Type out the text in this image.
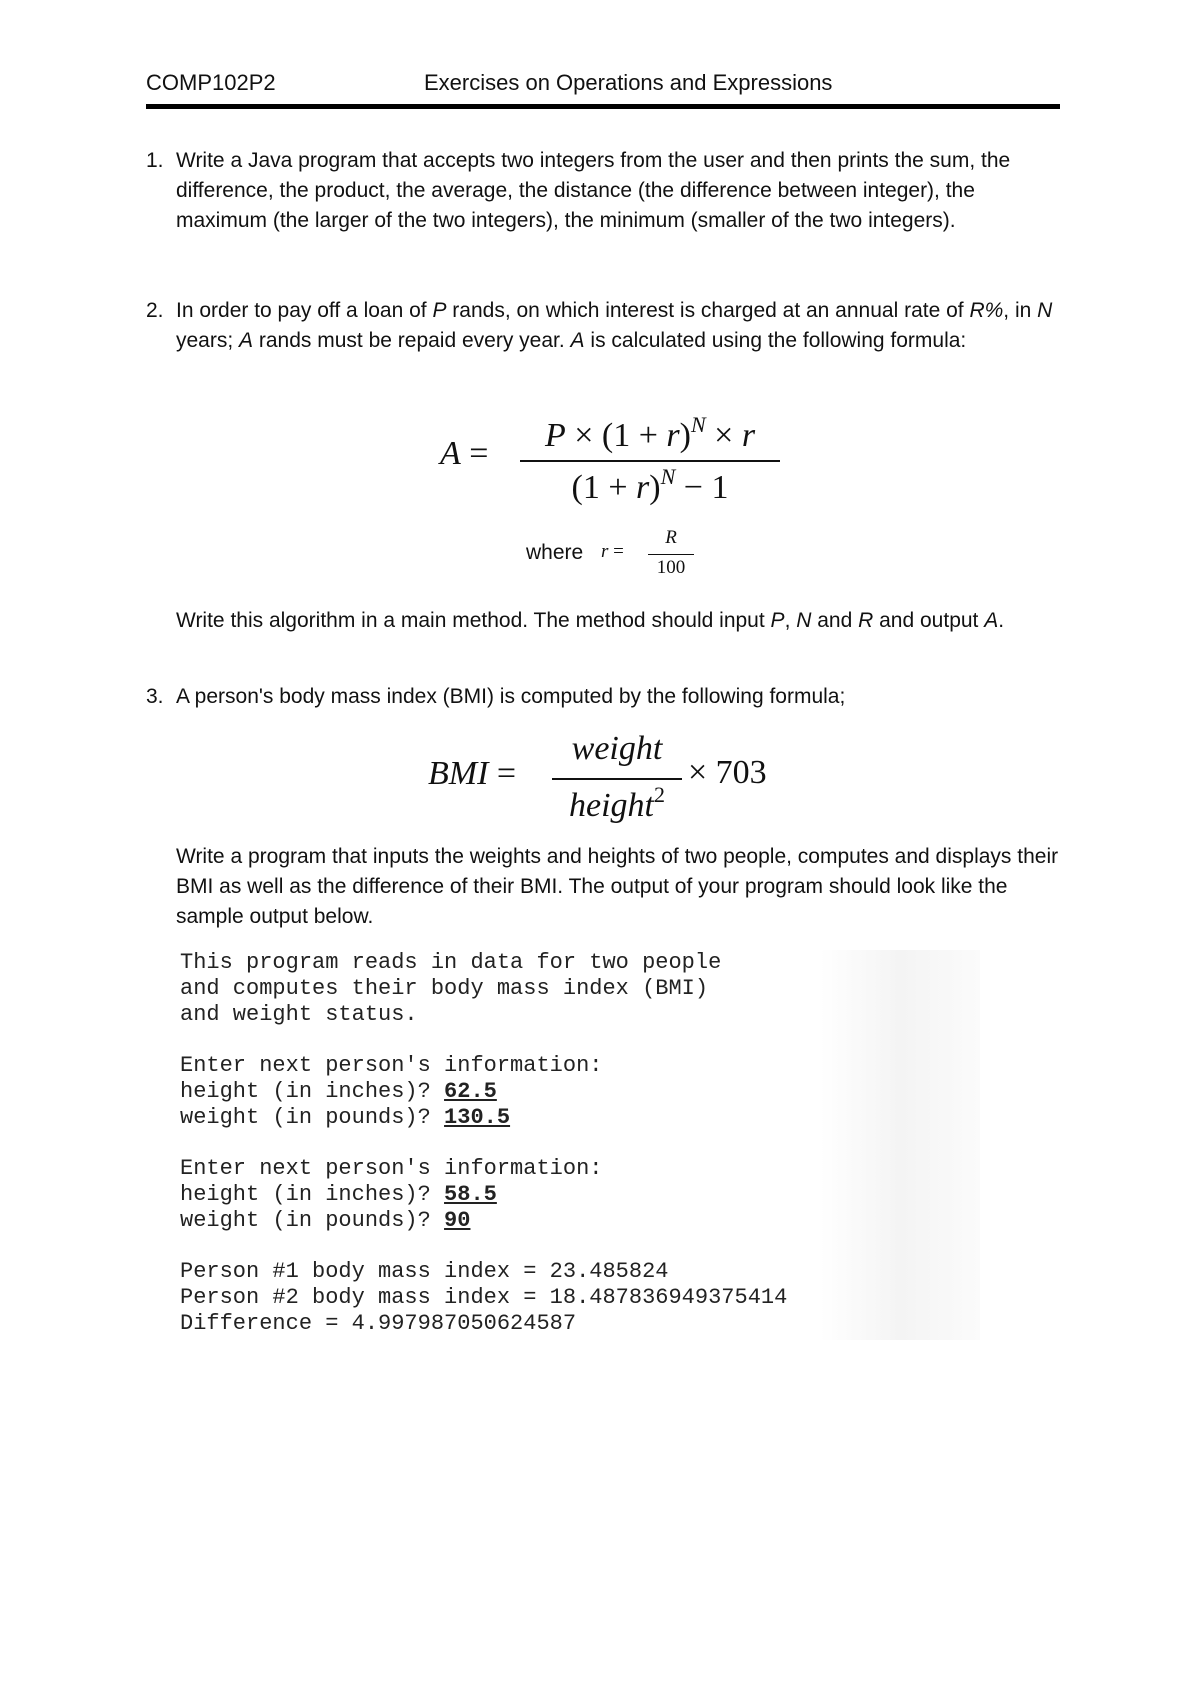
COMP102P2	Exercises on Operations and Expressions
1. Write a Java program that accepts two integers from the user and then prints the sum, the difference, the product, the average, the distance (the difference between integer), the maximum (the larger of the two integers), the minimum (smaller of the two integers).

2. In order to pay off a loan of P rands, on which interest is charged at an annual rate of R%, in N years; A rands must be repaid every year. A is calculated using the following formula:

A =	$P \times (1 + r)^N \times r$
$(1 + r)^N - 1$
where r =
R
100

Write this algorithm in a main method. The method should input P, N and R and output A.

3. A person's body mass index (BMI) is computed by the following formula;

BMI =
weight
height$^2$
× 703

Write a program that inputs the weights and heights of two people, computes and displays their BMI as well as the difference of their BMI. The output of your program should look like the sample output below.

This program reads in data for two people
and computes their body mass index (BMI)
and weight status.
Enter next person's information:
height (in inches)? 62.5
weight (in pounds)? 130.5
Enter next person's information:
height (in inches)? 58.5
weight (in pounds)? 90
Person #1 body mass index = 23.485824
Person #2 body mass index = 18.487836949375414
Difference = 4.997987050624587
